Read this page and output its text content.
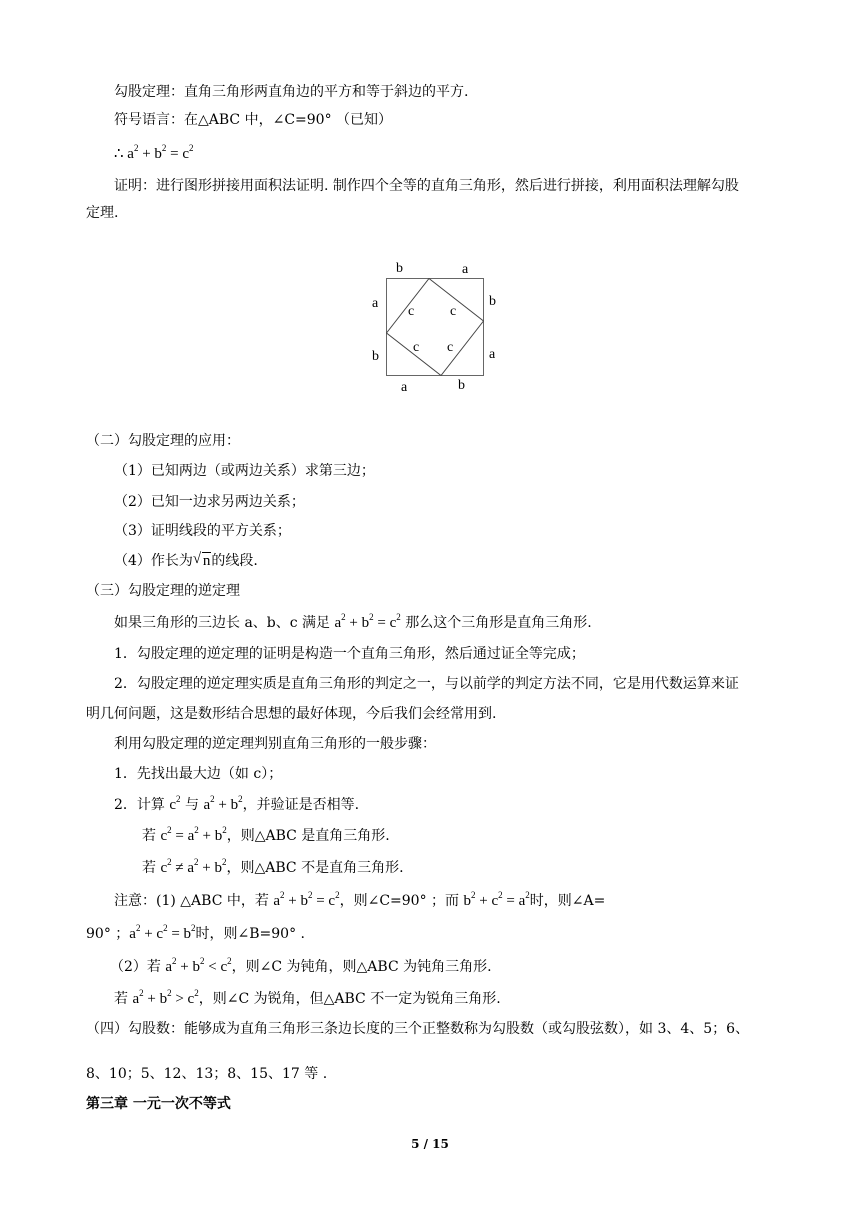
勾股定理：直角三角形两直角边的平方和等于斜边的平方.
符号语言：在△ABC 中，∠C=90° （已知）
∴ $a^2 + b^2 = c^2$
证明：进行图形拼接用面积法证明. 制作四个全等的直角三角形，然后进行拼接，利用面积法理解勾股
定理.
b	a
b
a
a	b
a
b
c	c
c c
（二）勾股定理的应用：
（1）已知两边（或两边关系）求第三边；
（2）已知一边求另两边关系；
（3）证明线段的平方关系；
（4）作长为 √ n的线段.
（三）勾股定理的逆定理
如果三角形的三边长 a、b、c 满足 $a^2 + b^2 = c^2$ 那么这个三角形是直角三角形.
1．勾股定理的逆定理的证明是构造一个直角三角形，然后通过证全等完成；
2．勾股定理的逆定理实质是直角三角形的判定之一，与以前学的判定方法不同，它是用代数运算来证
明几何问题，这是数形结合思想的最好体现，今后我们会经常用到.
利用勾股定理的逆定理判别直角三角形的一般步骤：
1．先找出最大边（如 c）；
2．计算 $c^2$ 与 $a^2 + b^2$，并验证是否相等.
若 $c^2 = a^2 + b^2$，则△ABC 是直角三角形.
若 $c^2 \ne a^2 + b^2$，则△ABC 不是直角三角形.
注意：(1) △ABC 中，若 $a^2 + b^2 = c^2$，则∠C=90° ；而 $b^2 + c^2 = a^2$时，则∠A=
90° ；$a^2 + c^2 = b^2$时，则∠B=90° .
（2）若 $a^2 + b^2 < c^2$，则∠C 为钝角，则△ABC 为钝角三角形.
若 $a^2 + b^2 > c^2$，则∠C 为锐角，但△ABC 不一定为锐角三角形.
（四）勾股数：能够成为直角三角形三条边长度的三个正整数称为勾股数（或勾股弦数），如 3、4、5；6、
8、10；5、12、13；8、15、17 等 .
第三章 一元一次不等式
5 / 15
